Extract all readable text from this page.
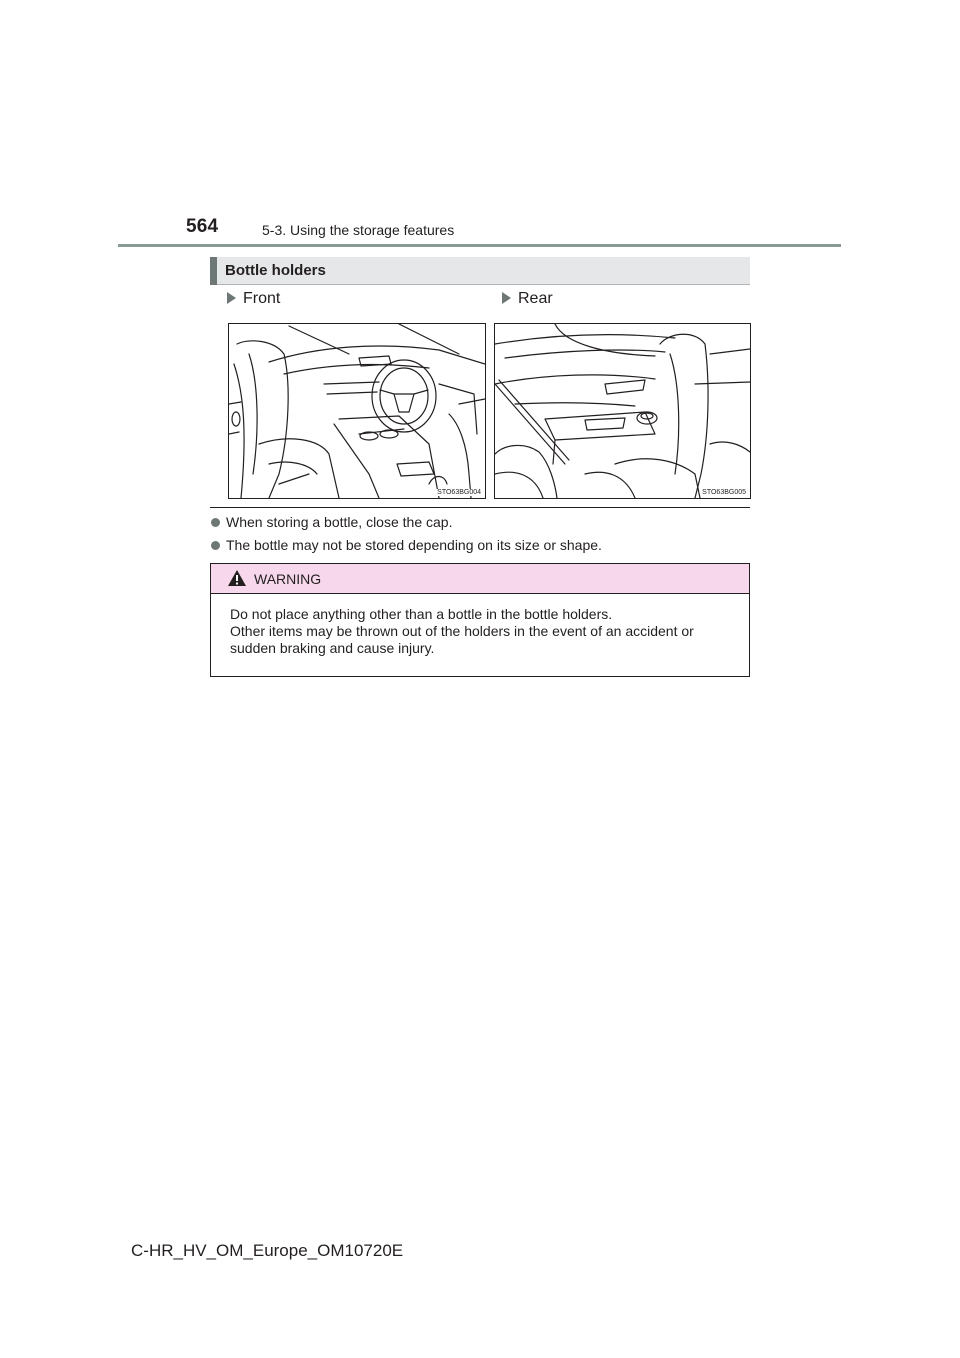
564	5-3. Using the storage features
Bottle holders
Front	Rear
STO63BG004	STO63BG005
When storing a bottle, close the cap.
The bottle may not be stored depending on its size or shape.
WARNING
Do not place anything other than a bottle in the bottle holders.
Other items may be thrown out of the holders in the event of an accident or
sudden braking and cause injury.
C-HR_HV_OM_Europe_OM10720E
